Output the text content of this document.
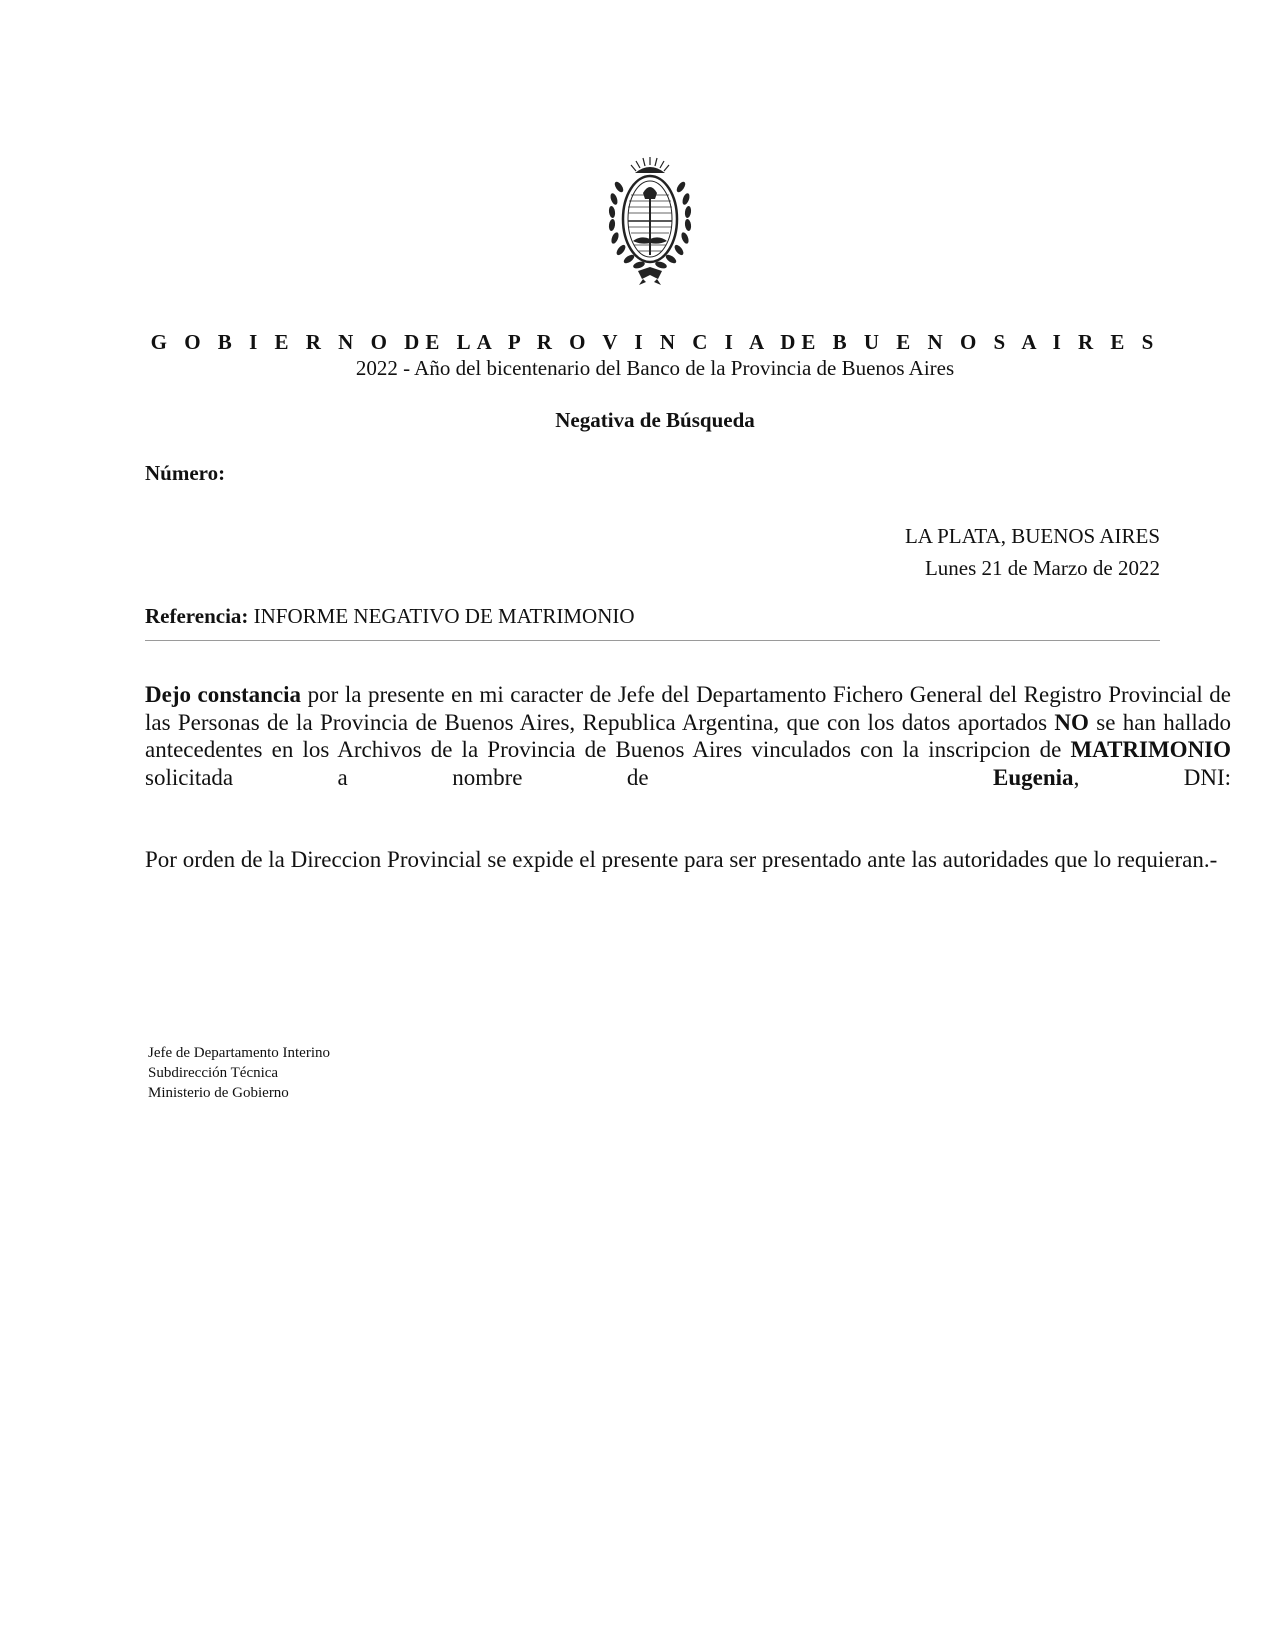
G O B I E R N O DE LA P R O V I N C I A DE B U E N O S A I R E S
2022 - Año del bicentenario del Banco de la Provincia de Buenos Aires
Negativa de Búsqueda
Número:
LA PLATA, BUENOS AIRES
Lunes 21 de Marzo de 2022
Referencia: INFORME NEGATIVO DE MATRIMONIO
Dejo constancia por la presente en mi caracter de Jefe del Departamento Fichero General del Registro Provincial de las Personas de la Provincia de Buenos Aires, Republica Argentina, que con los datos aportados NO se han hallado antecedentes en los Archivos de la Provincia de Buenos Aires vinculados con la inscripcion de MATRIMONIO solicitada a nombre de	Eugenia, DNI:
Por orden de la Direccion Provincial se expide el presente para ser presentado ante las autoridades que lo requieran.-
Jefe de Departamento Interino
Subdirección Técnica
Ministerio de Gobierno
